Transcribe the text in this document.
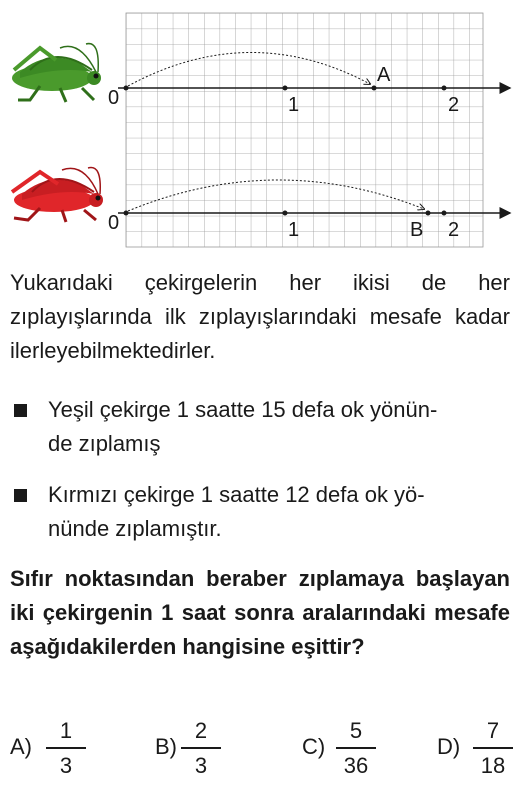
0	1
A
2
0	1	B 2
Yukarıdaki çekirgelerin her ikisi de her zıplayışlarında ilk zıplayışlarındaki mesafe kadar ilerleyebilmektedirler.
Yeşil çekirge 1 saatte 15 defa ok yönün-
de zıplamış
Kırmızı çekirge 1 saatte 12 defa ok yö-
nünde zıplamıştır.
Sıfır noktasından beraber zıplamaya başlayan iki çekirgenin 1 saat sonra aralarındaki mesafe aşağıdakilerden hangisine eşittir?
A)
1
3
B)
2
3
C)
5
36
D)
7
18
